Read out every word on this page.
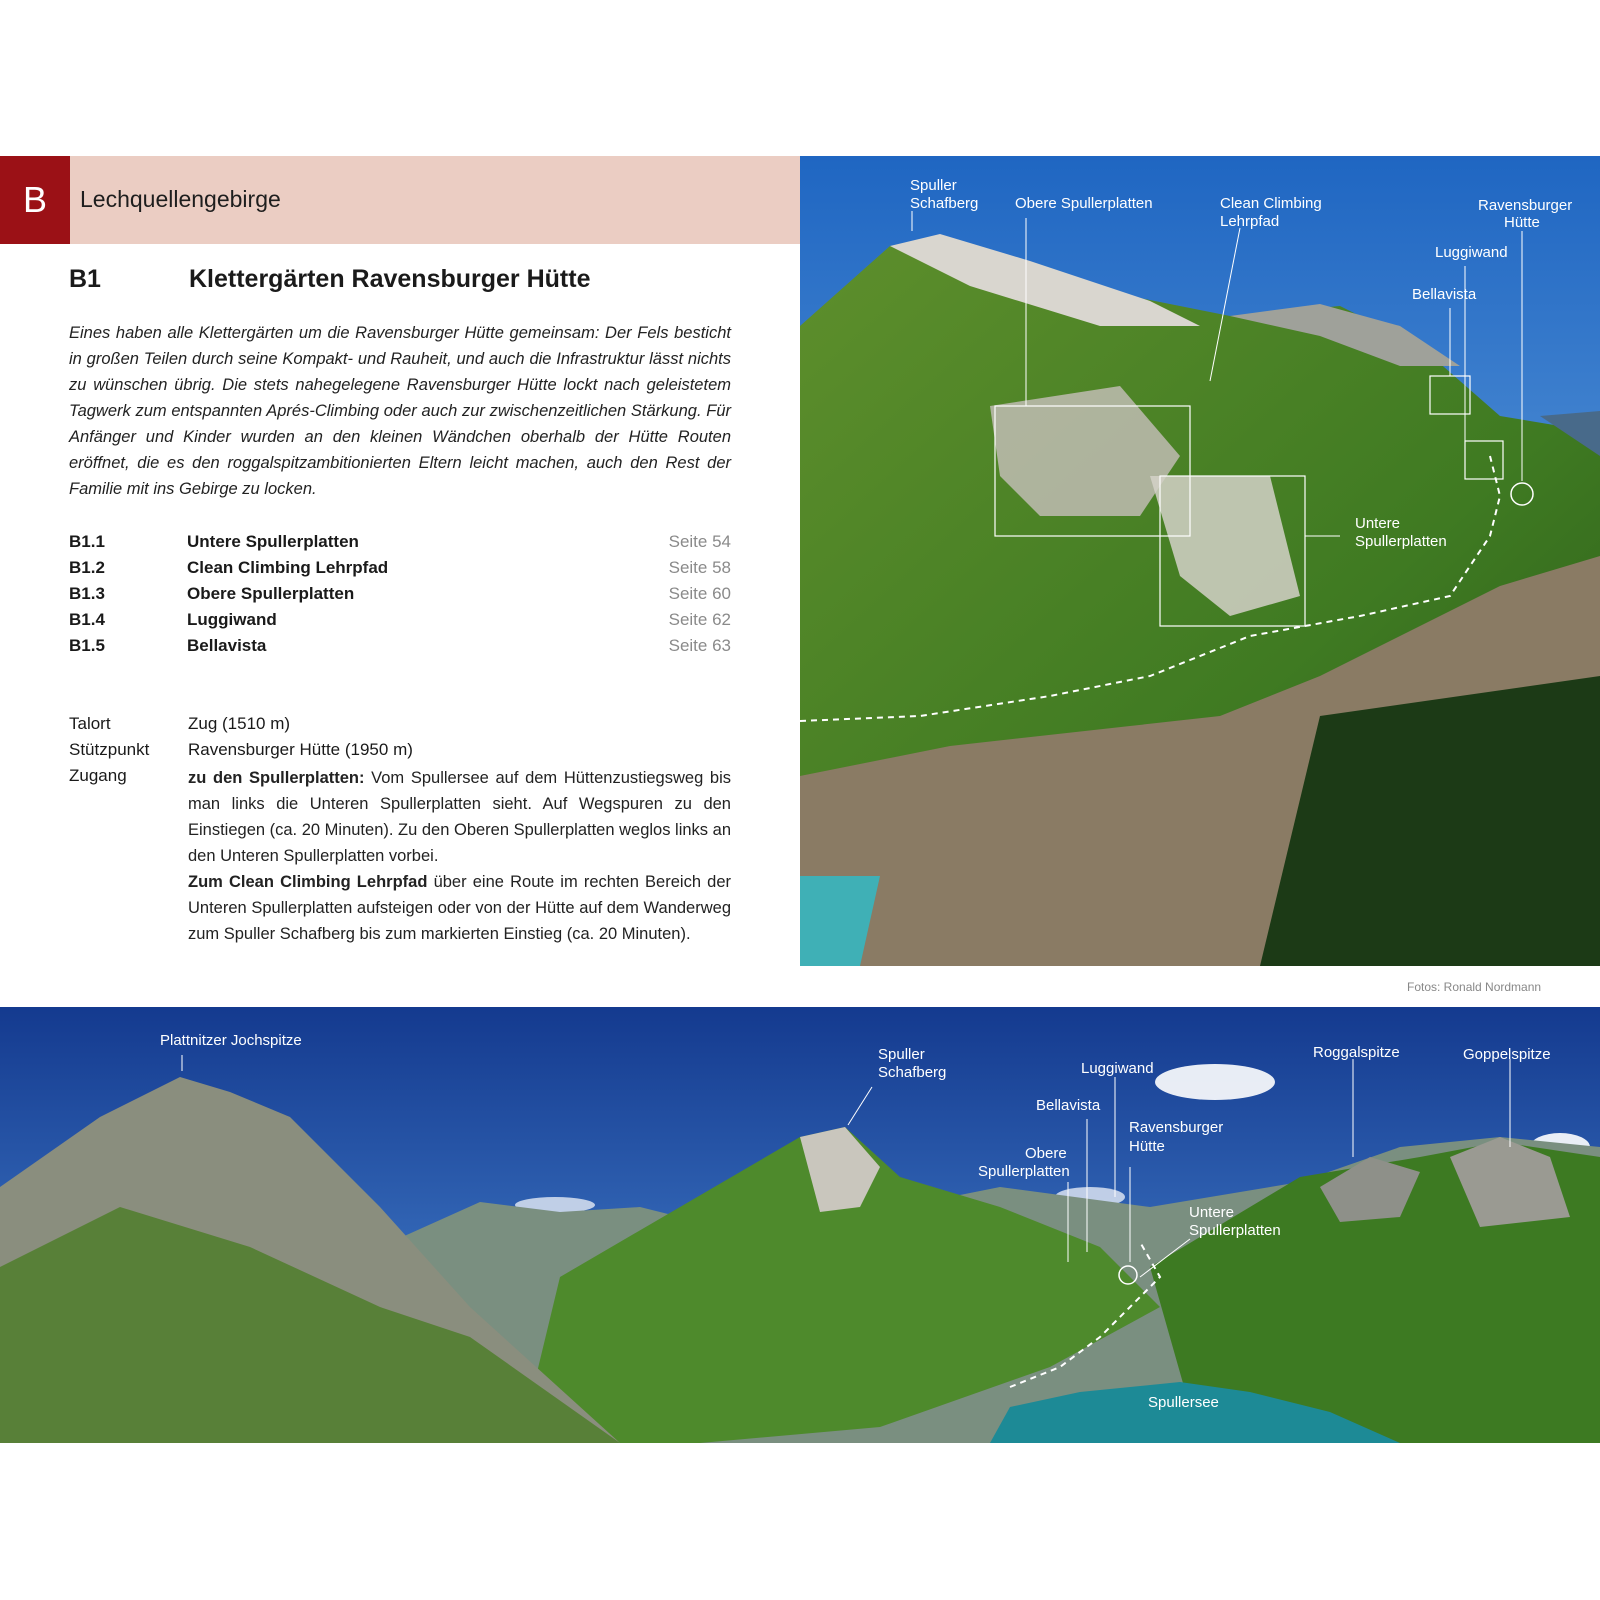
B Lechquellengebirge
B1	Klettergärten Ravensburger Hütte
Eines haben alle Klettergärten um die Ravensburger Hütte gemeinsam: Der Fels besticht in großen Teilen durch seine Kompakt- und Rauheit, und auch die Infrastruktur lässt nichts zu wünschen übrig. Die stets nahegelegene Ravensburger Hütte lockt nach geleistetem Tagwerk zum entspannten Aprés-Climbing oder auch zur zwischenzeitlichen Stärkung. Für Anfänger und Kinder wurden an den kleinen Wändchen oberhalb der Hütte Routen eröffnet, die es den roggalspitzambitionierten Eltern leicht machen, auch den Rest der Familie mit ins Gebirge zu locken.
B1.1	Untere Spullerplatten	Seite 54
B1.2	Clean Climbing Lehrpfad	Seite 58
B1.3	Obere Spullerplatten	Seite 60
B1.4	Luggiwand	Seite 62
B1.5	Bellavista	Seite 63
Talort	Zug (1510 m)
Stützpunkt Ravensburger Hütte (1950 m)
Zugang	zu den Spullerplatten: Vom Spullersee auf dem Hüttenzustiegsweg bis man links die Unteren Spullerplatten sieht. Auf Wegspuren zu den Einstiegen (ca. 20 Minuten). Zu den Oberen Spullerplatten weglos links an den Unteren Spullerplatten vorbei.
Zum Clean Climbing Lehrpfad über eine Route im rechten Bereich der Unteren Spullerplatten aufsteigen oder von der Hütte auf dem Wanderweg zum Spuller Schafberg bis zum markierten Einstieg (ca. 20 Minuten).
Spuller
Schafberg Obere Spullerplatten	Clean Climbing
Lehrpfad
Ravensburger
Hütte
Luggiwand
Bellavista
Untere
Spullerplatten
Fotos: Ronald Nordmann
Plattnitzer Jochspitze
Spuller
Schafberg	Luggiwand
Roggalspitze	Goppelspitze
Bellavista
Ravensburger
Hütte
Obere
Spullerplatten
Untere
Spullerplatten
Spullersee
